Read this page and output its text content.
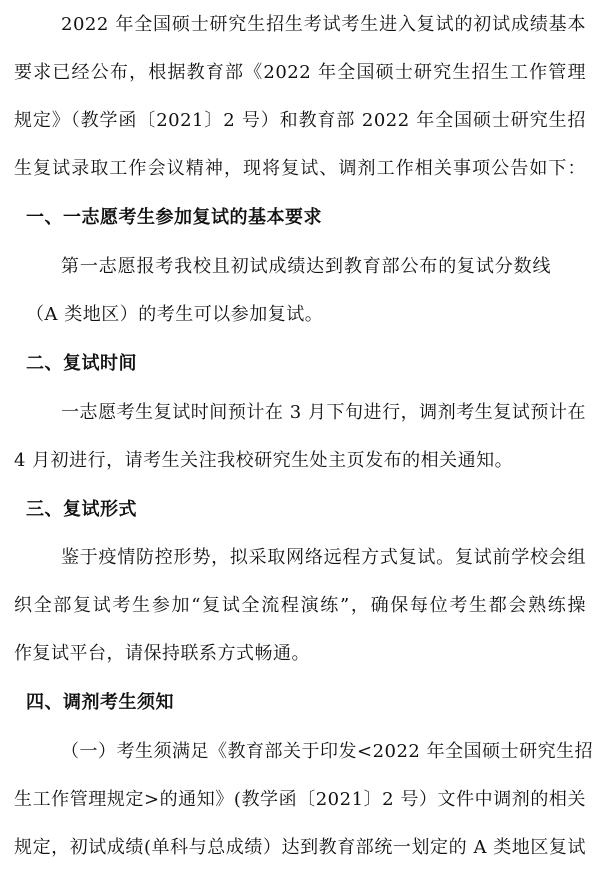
2022 年全国硕士研究生招生考试考生进入复试的初试成绩基本
要求已经公布，根据教育部《2022 年全国硕士研究生招生工作管理
规定》（教学函〔2021〕2 号）和教育部 2022 年全国硕士研究生招
生复试录取工作会议精神，现将复试、调剂工作相关事项公告如下：
一、一志愿考生参加复试的基本要求
第一志愿报考我校且初试成绩达到教育部公布的复试分数线
（A 类地区）的考生可以参加复试。
二、复试时间
一志愿考生复试时间预计在 3 月下旬进行，调剂考生复试预计在
4 月初进行，请考生关注我校研究生处主页发布的相关通知。
三、复试形式
鉴于疫情防控形势，拟采取网络远程方式复试。复试前学校会组
织全部复试考生参加“复试全流程演练”，确保每位考生都会熟练操
作复试平台，请保持联系方式畅通。
四、调剂考生须知
（一）考生须满足《教育部关于印发<2022 年全国硕士研究生招
生工作管理规定>的通知》(教学函〔2021〕2 号）文件中调剂的相关
规定，初试成绩(单科与总成绩）达到教育部统一划定的 A 类地区复试
